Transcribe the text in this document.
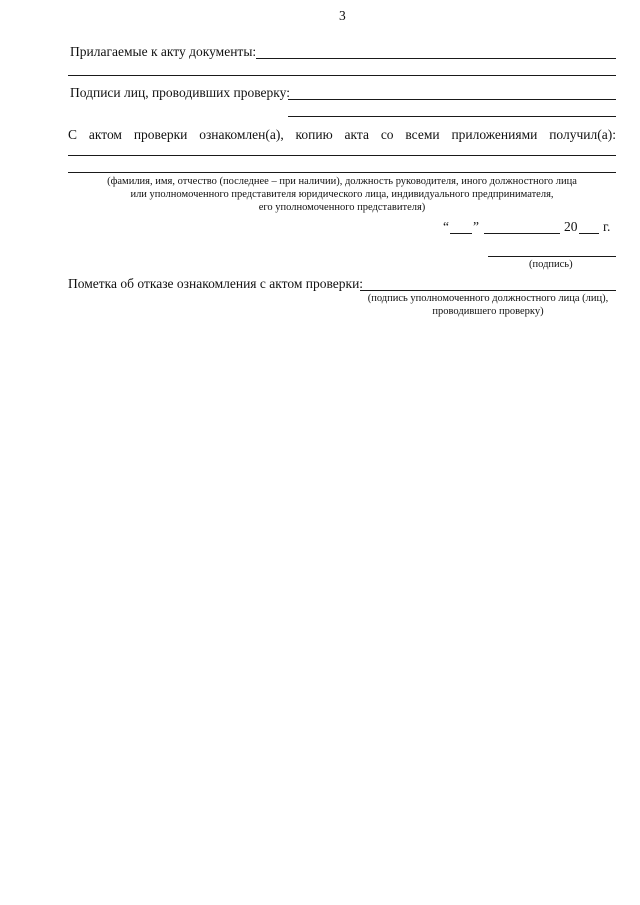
3
Прилагаемые к акту документы:
Подписи лиц, проводивших проверку:
С актом проверки ознакомлен(а), копию акта со всеми приложениями получил(а):
(фамилия, имя, отчество (последнее – при наличии), должность руководителя, иного должностного лица
или уполномоченного представителя юридического лица, индивидуального предпринимателя,
его уполномоченного представителя)
“ ”	20 г.
(подпись)
Пометка об отказе ознакомления с актом проверки:
(подпись уполномоченного должностного лица (лиц),
проводившего проверку)
